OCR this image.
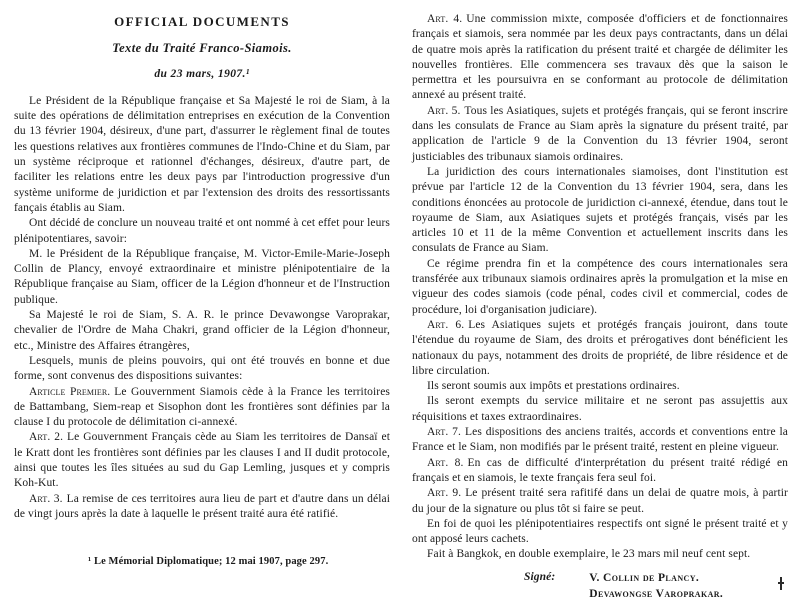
OFFICIAL DOCUMENTS
Texte du Traité Franco-Siamois.
du 23 mars, 1907.¹

Le Président de la République française et Sa Majesté le roi de Siam, à la suite des opérations de délimitation entreprises en exécution de la Convention du 13 février 1904, désireux, d'une part, d'assurrer le règlement final de toutes les questions relatives aux frontières communes de l'Indo-Chine et du Siam, par un système réciproque et rationnel d'échanges, désireux, d'autre part, de faciliter les relations entre les deux pays par l'introduction progressive d'un système uniforme de juridiction et par l'extension des droits des ressortissants fançais établis au Siam.

Ont décidé de conclure un nouveau traité et ont nommé à cet effet pour leurs plénipotentiares, savoir:

M. le Président de la République française, M. Victor-Emile-Marie-Joseph Collin de Plancy, envoyé extraordinaire et ministre plénipotentiaire de la République française au Siam, officer de la Légion d'honneur et de l'Instruction publique.

Sa Majesté le roi de Siam, S. A. R. le prince Devawongse Varoprakar, chevalier de l'Ordre de Maha Chakri, grand officier de la Légion d'honneur, etc., Ministre des Affaires étrangères,

Lesquels, munis de pleins pouvoirs, qui ont été trouvés en bonne et due forme, sont convenus des dispositions suivantes:

Article Premier. Le Gouvernment Siamois cède à la France les territoires de Battambang, Siem-reap et Sisophon dont les frontières sont définies par la clause I du protocole de délimitation ci-annexé.

Art. 2. Le Gouvernment Français cède au Siam les territoires de Dansaï et le Kratt dont les frontières sont définies par les clauses I and II dudit protocole, ainsi que toutes les îles situées au sud du Gap Lemling, jusques et y compris Koh-Kut.

Art. 3. La remise de ces territoires aura lieu de part et d'autre dans un délai de vingt jours après la date à laquelle le présent traité aura été ratifié.

¹ Le Mémorial Diplomatique; 12 mai 1907, page 297.

Art. 4. Une commission mixte, composée d'officiers et de fonctionnaires français et siamois, sera nommée par les deux pays contractants, dans un délai de quatre mois après la ratification du présent traité et chargée de délimiter les nouvelles frontières. Elle commencera ses travaux dès que la saison le permettra et les poursuivra en se conformant au protocole de délimitation annexé au présent traité.

Art. 5. Tous les Asiatiques, sujets et protégés français, qui se feront inscrire dans les consulats de France au Siam après la signature du présent traité, par application de l'article 9 de la Convention du 13 février 1904, seront justiciables des tribunaux siamois ordinaires.

La juridiction des cours internationales siamoises, dont l'institution est prévue par l'article 12 de la Convention du 13 février 1904, sera, dans les conditions énoncées au protocole de juridiction ci-annexé, étendue, dans tout le royaume de Siam, aux Asiatiques sujets et protégés français, visés par les articles 10 et 11 de la même Convention et actuellement inscrits dans les consulats de France au Siam.

Ce régime prendra fin et la compétence des cours internationales sera transférée aux tribunaux siamois ordinaires après la promulgation et la mise en vigueur des codes siamois (code pénal, codes civil et commercial, codes de procédure, loi d'organisation judiciare).

Art. 6. Les Asiatiques sujets et protégés français jouiront, dans toute l'étendue du royaume de Siam, des droits et prérogatives dont bénéficient les nationaux du pays, notamment des droits de propriété, de libre résidence et de libre circulation.

Ils seront soumis aux impôts et prestations ordinaires.

Ils seront exempts du service militaire et ne seront pas assujettis aux réquisitions et taxes extraordinaires.

Art. 7. Les dispositions des anciens traités, accords et conventions entre la France et le Siam, non modifiés par le présent traité, restent en pleine vigueur.

Art. 8. En cas de difficulté d'interprétation du présent traité rédigé en français et en siamois, le texte français fera seul foi.

Art. 9. Le présent traité sera rafitifé dans un delai de quatre mois, à partir du jour de la signature ou plus tôt si faire se peut.

En foi de quoi les plénipotentiaires respectifs ont signé le présent traité et y ont apposé leurs cachets.

Fait à Bangkok, en double exemplaire, le 23 mars mil neuf cent sept.

Signé:	V. Collin de Plancy.
Devawongse Varoprakar.
